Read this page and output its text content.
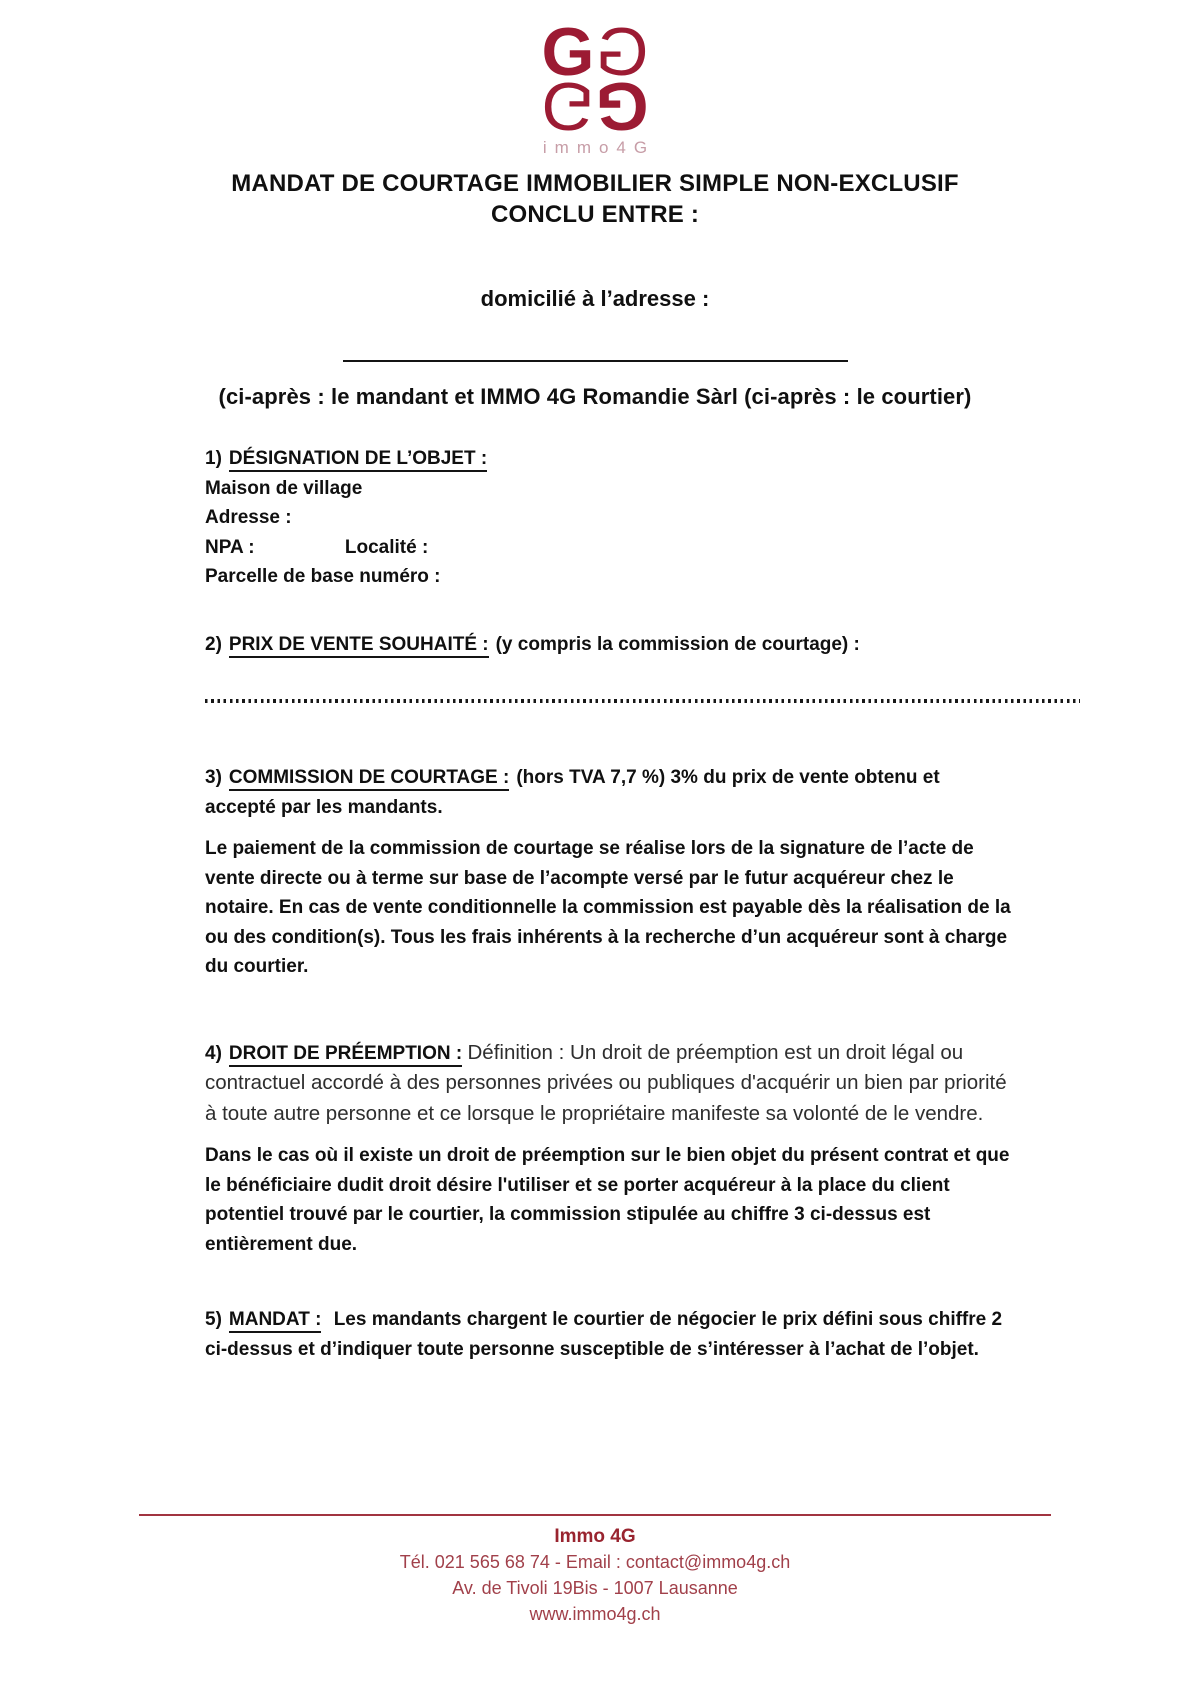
G G
G G
immo4G
MANDAT DE COURTAGE IMMOBILIER SIMPLE NON-EXCLUSIF
CONCLU ENTRE :
domicilié à l’adresse :
(ci-après : le mandant et IMMO 4G Romandie Sàrl (ci-après : le courtier)
1) DÉSIGNATION DE L’OBJET :
Maison de village
Adresse :
NPA :	Localité :
Parcelle de base numéro :
2) PRIX DE VENTE SOUHAITÉ : (y compris la commission de courtage) :
3) COMMISSION DE COURTAGE : (hors TVA 7,7 %) 3% du prix de vente obtenu et accepté par les mandants.
Le paiement de la commission de courtage se réalise lors de la signature de l’acte de vente directe ou à terme sur base de l’acompte versé par le futur acquéreur chez le notaire. En cas de vente conditionnelle la commission est payable dès la réalisation de la ou des condition(s). Tous les frais inhérents à la recherche d’un acquéreur sont à charge du courtier.
4) DROIT DE PRÉEMPTION : Définition : Un droit de préemption est un droit légal ou contractuel accordé à des personnes privées ou publiques d'acquérir un bien par priorité à toute autre personne et ce lorsque le propriétaire manifeste sa volonté de le vendre.
Dans le cas où il existe un droit de préemption sur le bien objet du présent contrat et que le bénéficiaire dudit droit désire l'utiliser et se porter acquéreur à la place du client potentiel trouvé par le courtier, la commission stipulée au chiffre 3 ci-dessus est entièrement due.
5) MANDAT : Les mandants chargent le courtier de négocier le prix défini sous chiffre 2 ci-dessus et d’indiquer toute personne susceptible de s’intéresser à l’achat de l’objet.
Immo 4G
Tél. 021 565 68 74 - Email : contact@immo4g.ch
Av. de Tivoli 19Bis - 1007 Lausanne
www.immo4g.ch
